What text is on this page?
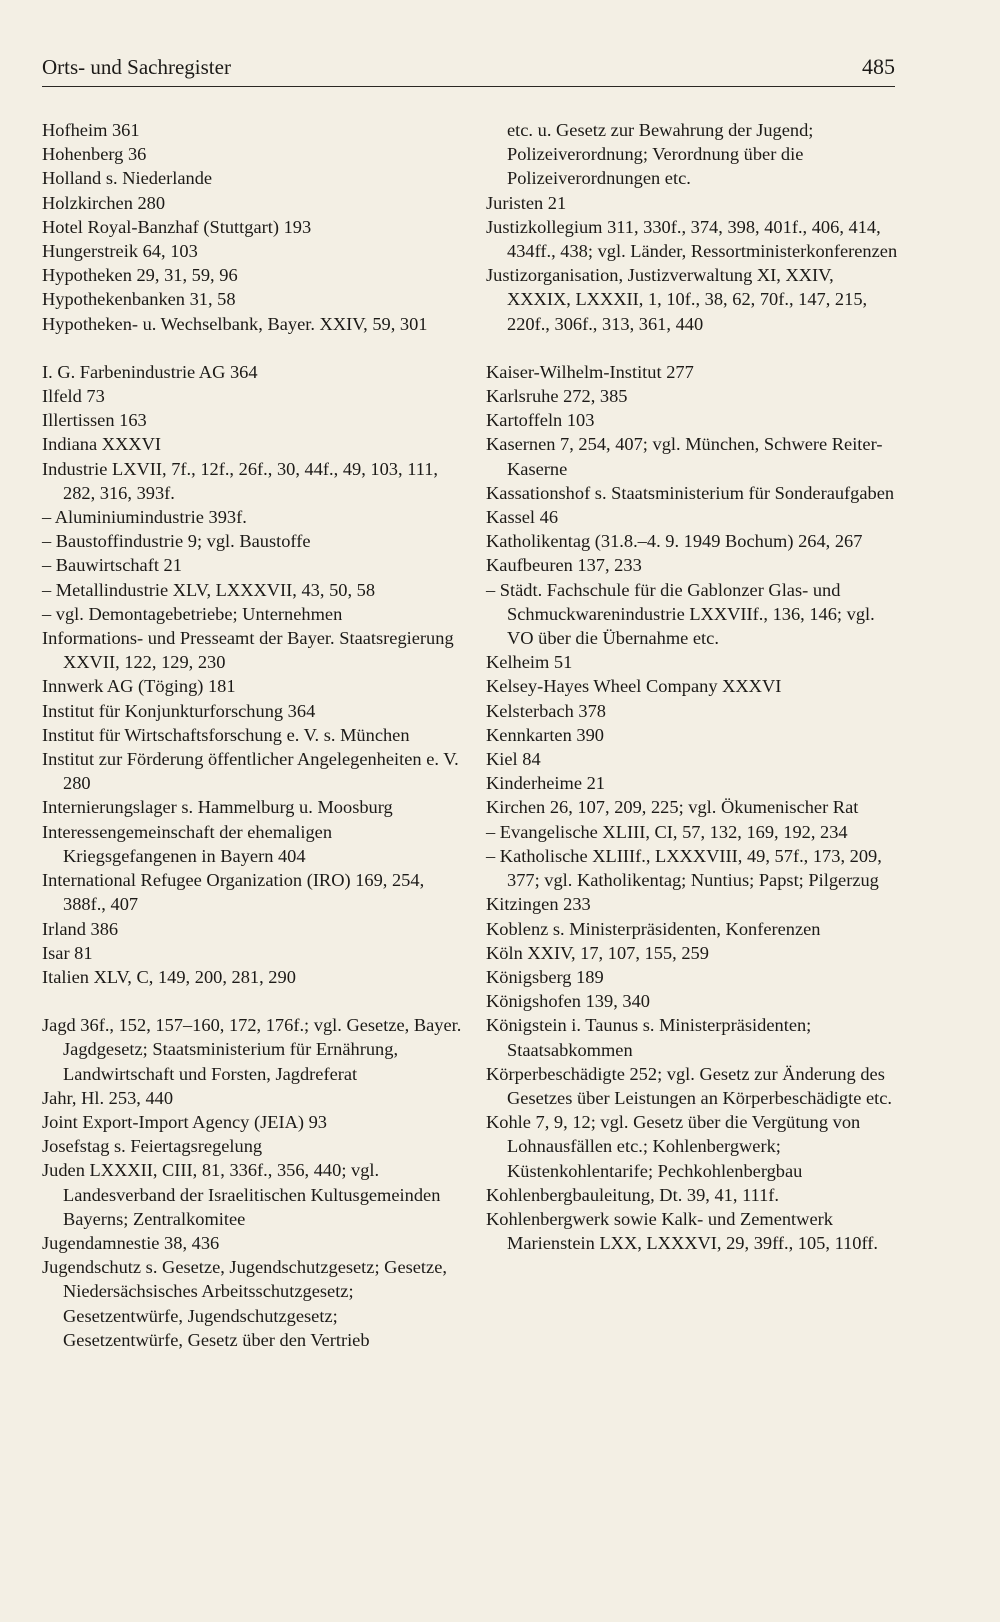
Orts- und Sachregister	485
Hofheim 361
Hohenberg 36
Holland s. Niederlande
Holzkirchen 280
Hotel Royal-Banzhaf (Stuttgart) 193
Hungerstreik 64, 103
Hypotheken 29, 31, 59, 96
Hypothekenbanken 31, 58
Hypotheken- u. Wechselbank, Bayer. XXIV, 59, 301
I. G. Farbenindustrie AG 364
Ilfeld 73
Illertissen 163
Indiana XXXVI
Industrie LXVII, 7f., 12f., 26f., 30, 44f., 49, 103, 111, 282, 316, 393f.
– Aluminiumindustrie 393f.
– Baustoffindustrie 9; vgl. Baustoffe
– Bauwirtschaft 21
– Metallindustrie XLV, LXXXVII, 43, 50, 58
– vgl. Demontagebetriebe; Unternehmen
Informations- und Presseamt der Bayer. Staatsregierung XXVII, 122, 129, 230
Innwerk AG (Töging) 181
Institut für Konjunkturforschung 364
Institut für Wirtschaftsforschung e. V. s. München
Institut zur Förderung öffentlicher Angelegenheiten e. V. 280
Internierungslager s. Hammelburg u. Moosburg
Interessengemeinschaft der ehemaligen Kriegsgefangenen in Bayern 404
International Refugee Organization (IRO) 169, 254, 388f., 407
Irland 386
Isar 81
Italien XLV, C, 149, 200, 281, 290
Jagd 36f., 152, 157–160, 172, 176f.; vgl. Gesetze, Bayer. Jagdgesetz; Staatsministerium für Ernährung, Landwirtschaft und Forsten, Jagdreferat
Jahr, Hl. 253, 440
Joint Export-Import Agency (JEIA) 93
Josefstag s. Feiertagsregelung
Juden LXXXII, CIII, 81, 336f., 356, 440; vgl. Landesverband der Israelitischen Kultusgemeinden Bayerns; Zentralkomitee
Jugendamnestie 38, 436
Jugendschutz s. Gesetze, Jugendschutzgesetz; Gesetze, Niedersächsisches Arbeitsschutzgesetz; Gesetzentwürfe, Jugendschutzgesetz; Gesetzentwürfe, Gesetz über den Vertrieb
etc. u. Gesetz zur Bewahrung der Jugend; Polizeiverordnung; Verordnung über die Polizeiverordnungen etc.
Juristen 21
Justizkollegium 311, 330f., 374, 398, 401f., 406, 414, 434ff., 438; vgl. Länder, Ressortministerkonferenzen
Justizorganisation, Justizverwaltung XI, XXIV, XXXIX, LXXXII, 1, 10f., 38, 62, 70f., 147, 215, 220f., 306f., 313, 361, 440
Kaiser-Wilhelm-Institut 277
Karlsruhe 272, 385
Kartoffeln 103
Kasernen 7, 254, 407; vgl. München, Schwere Reiter-Kaserne
Kassationshof s. Staatsministerium für Sonderaufgaben
Kassel 46
Katholikentag (31.8.–4. 9. 1949 Bochum) 264, 267
Kaufbeuren 137, 233
– Städt. Fachschule für die Gablonzer Glas- und Schmuckwarenindustrie LXXVIIf., 136, 146; vgl. VO über die Übernahme etc.
Kelheim 51
Kelsey-Hayes Wheel Company XXXVI
Kelsterbach 378
Kennkarten 390
Kiel 84
Kinderheime 21
Kirchen 26, 107, 209, 225; vgl. Ökumenischer Rat
– Evangelische XLIII, CI, 57, 132, 169, 192, 234
– Katholische XLIIIf., LXXXVIII, 49, 57f., 173, 209, 377; vgl. Katholikentag; Nuntius; Papst; Pilgerzug
Kitzingen 233
Koblenz s. Ministerpräsidenten, Konferenzen
Köln XXIV, 17, 107, 155, 259
Königsberg 189
Königshofen 139, 340
Königstein i. Taunus s. Ministerpräsidenten; Staatsabkommen
Körperbeschädigte 252; vgl. Gesetz zur Änderung des Gesetzes über Leistungen an Körperbeschädigte etc.
Kohle 7, 9, 12; vgl. Gesetz über die Vergütung von Lohnausfällen etc.; Kohlenbergwerk; Küstenkohlentarife; Pechkohlenbergbau
Kohlenbergbauleitung, Dt. 39, 41, 111f.
Kohlenbergwerk sowie Kalk- und Zementwerk Marienstein LXX, LXXXVI, 29, 39ff., 105, 110ff.
